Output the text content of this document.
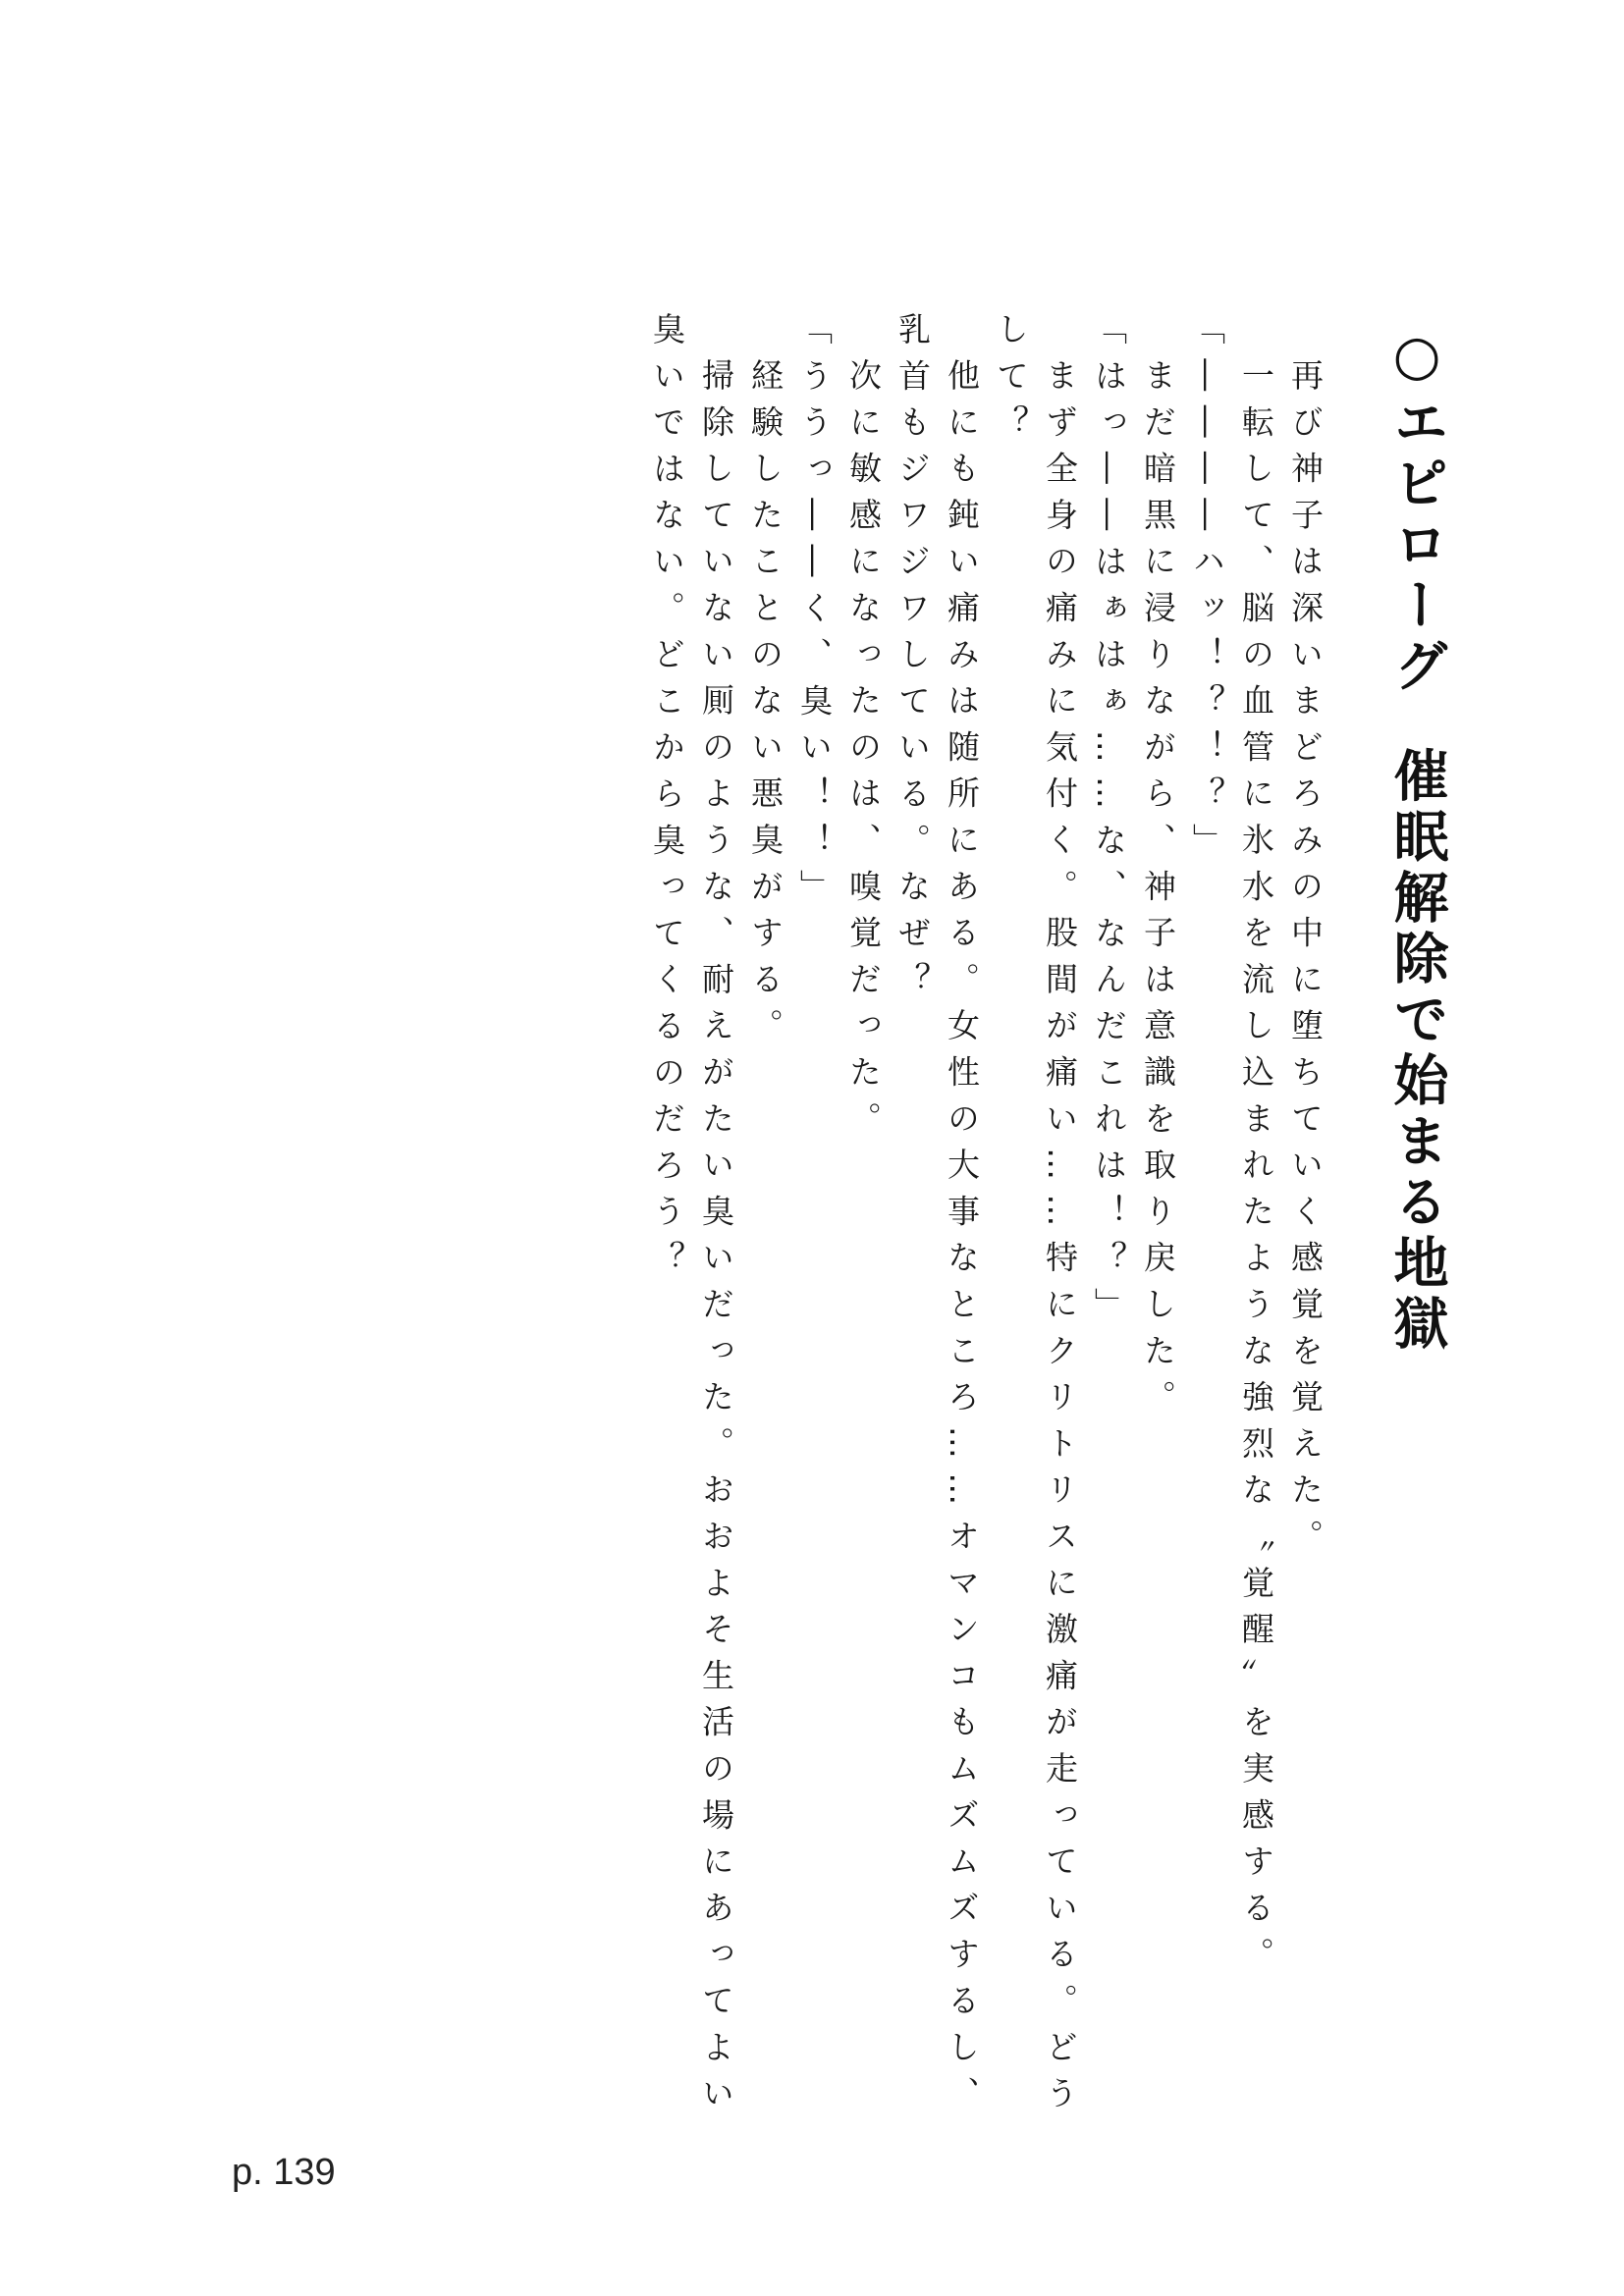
○エピローグ催眠解除で始まる地獄

再び神子は深いまどろみの中に堕ちていく感覚を覚えた。

一転して、脳の血管に氷水を流し込まれたような強烈な〝覚醒〟を実感する。

「――――ハッ！？！？」

まだ暗黒に浸りながら、神子は意識を取り戻した。

「はっ――はぁはぁ……な、なんだこれは！？」

まず全身の痛みに気付く。股間が痛い……特にクリトリスに激痛が走っている。どうして？

他にも鈍い痛みは随所にある。女性の大事なところ……オマンコもムズムズするし、乳首もジワジワしている。なぜ？

次に敏感になったのは、嗅覚だった。

「ううっ――く、臭い！！」

経験したことのない悪臭がする。

掃除していない厠のような、耐えがたい臭いだった。おおよそ生活の場にあってよい臭いではない。どこから臭ってくるのだろう？

p. 139
